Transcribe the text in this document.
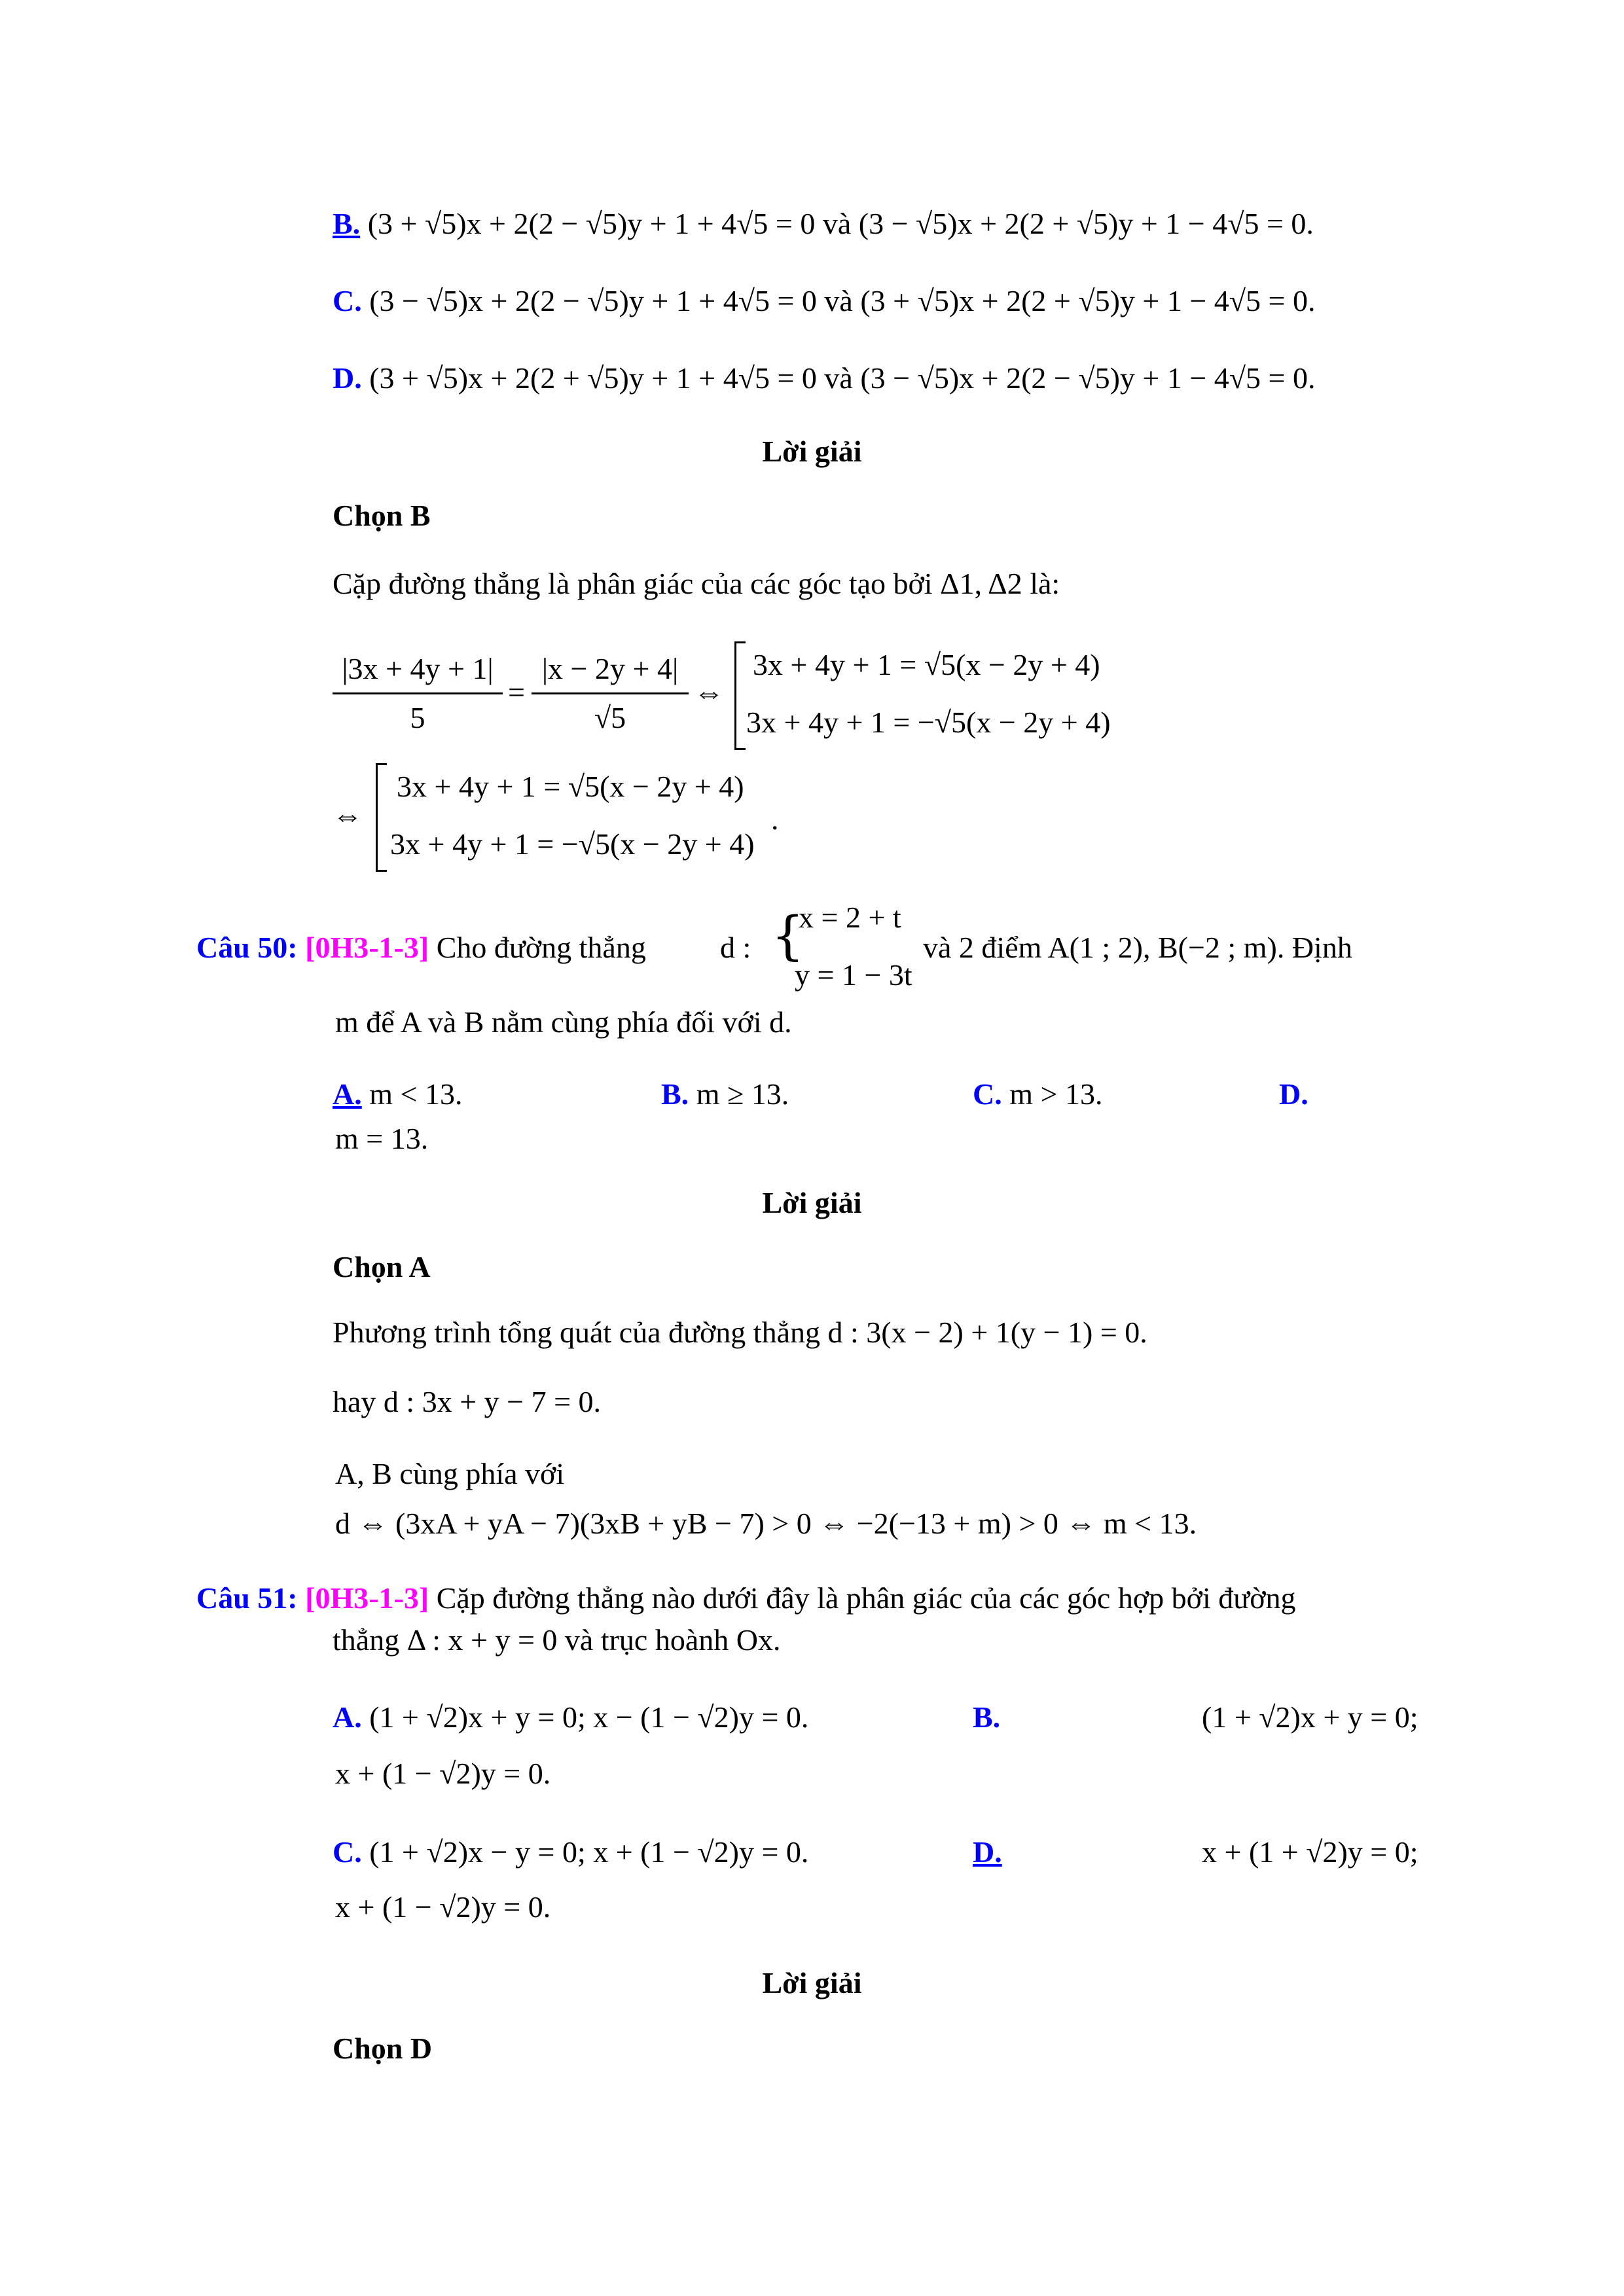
B. (3 + √5)x + 2(2 − √5)y + 1 + 4√5 = 0 và (3 − √5)x + 2(2 + √5)y + 1 − 4√5 = 0.
C. (3 − √5)x + 2(2 − √5)y + 1 + 4√5 = 0 và (3 + √5)x + 2(2 + √5)y + 1 − 4√5 = 0.
D. (3 + √5)x + 2(2 + √5)y + 1 + 4√5 = 0 và (3 − √5)x + 2(2 − √5)y + 1 − 4√5 = 0.
Lời giải
Chọn B
Cặp đường thẳng là phân giác của các góc tạo bởi Δ1, Δ2 là:
|3x + 4y + 1|
5
=
|x − 2y + 4|
√5
⇔
3x + 4y + 1 = √5(x − 2y + 4)
3x + 4y + 1 = −√5(x − 2y + 4)
⇔
3x + 4y + 1 = √5(x − 2y + 4)
3x + 4y + 1 = −√5(x − 2y + 4)
.
Câu 50: [0H3-1-3] Cho đường thẳng d : {
x = 2 + t
y = 1 − 3t
và 2 điểm A(1 ; 2), B(−2 ; m). Định
m để A và B nằm cùng phía đối với d.
A. m < 13.	B. m ≥ 13.	C. m > 13.	D.
m = 13.
Lời giải
Chọn A
Phương trình tổng quát của đường thẳng d : 3(x − 2) + 1(y − 1) = 0.
hay d : 3x + y − 7 = 0.
A, B cùng phía với
d ⇔ (3xA + yA − 7)(3xB + yB − 7) > 0 ⇔ −2(−13 + m) > 0 ⇔ m < 13.
Câu 51: [0H3-1-3] Cặp đường thẳng nào dưới đây là phân giác của các góc hợp bởi đường
thẳng Δ : x + y = 0 và trục hoành Ox.
A. (1 + √2)x + y = 0; x − (1 − √2)y = 0.	B.	(1 + √2)x + y = 0;
x + (1 − √2)y = 0.
C. (1 + √2)x − y = 0; x + (1 − √2)y = 0.	D.	x + (1 + √2)y = 0;
x + (1 − √2)y = 0.
Lời giải
Chọn D
